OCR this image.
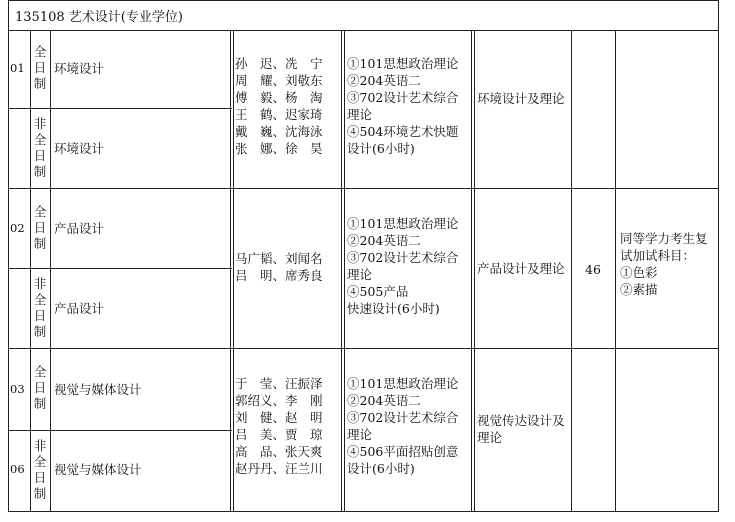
135108 艺术设计(专业学位)
01
全日制
环境设计
非全日制
环境设计
02
全日制
产品设计
非全日制
产品设计
03
全日制
视觉与媒体设计
06
非全日制
视觉与媒体设计
孙　迟、冼　宁
周　耀、刘敬东
傅　毅、杨　淘
王　鹤、迟家琦
戴　巍、沈海泳
张　娜、徐　昊
①101思想政治理论
②204英语二
③702设计艺术综合
理论
④504环境艺术快题
设计(6小时)
环境设计及理论
马广韬、刘闻名
吕　明、席秀良
①101思想政治理论
②204英语二
③702设计艺术综合
理论
④505产品
快速设计(6小时)
产品设计及理论
于　莹、汪振泽
郭绍义、李　刚
刘　健、赵　明
吕　美、贾　琼
高　品、张天爽
赵丹丹、汪兰川
①101思想政治理论
②204英语二
③702设计艺术综合
理论
④506平面招贴创意
设计(6小时)
视觉传达设计及理论
46
同等学力考生复
试加试科目：
①色彩
②素描
